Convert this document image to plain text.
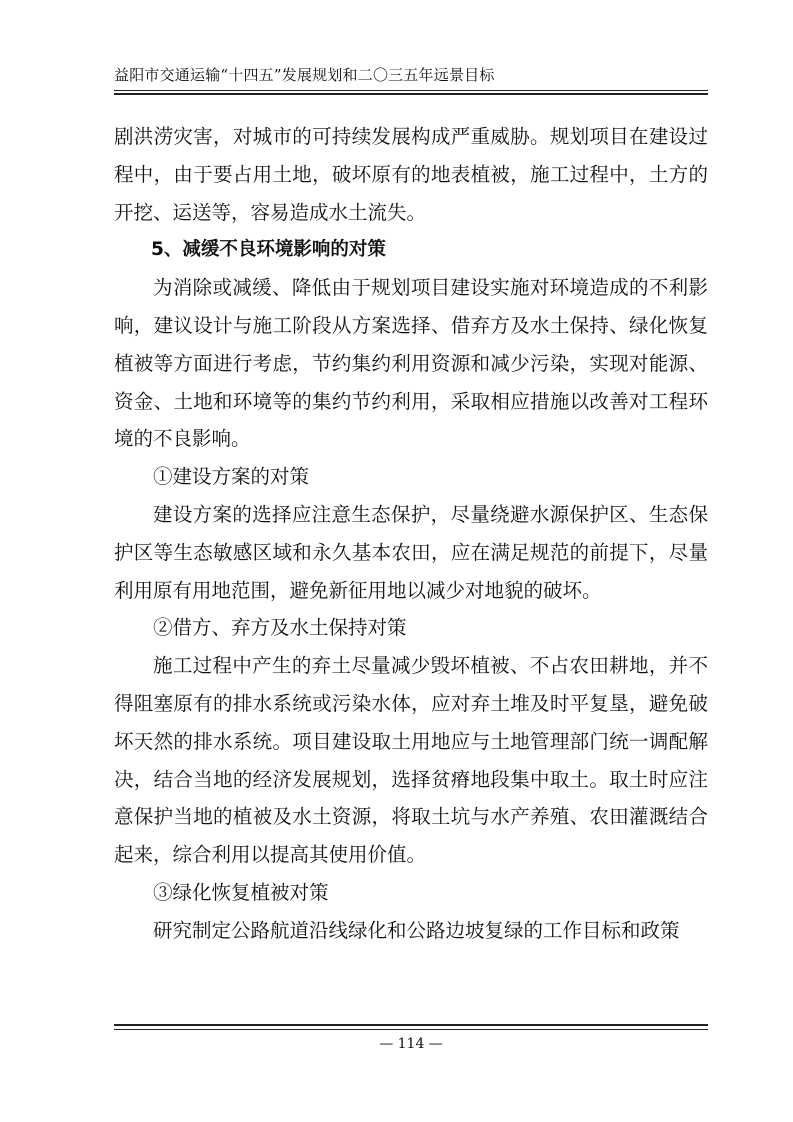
益阳市交通运输“十四五”发展规划和二〇三五年远景目标

剧洪涝灾害，对城市的可持续发展构成严重威胁。规划项目在建设过程中，由于要占用土地，破坏原有的地表植被，施工过程中，土方的开挖、运送等，容易造成水土流失。

5、减缓不良环境影响的对策

为消除或减缓、降低由于规划项目建设实施对环境造成的不利影响，建议设计与施工阶段从方案选择、借弃方及水土保持、绿化恢复植被等方面进行考虑，节约集约利用资源和减少污染，实现对能源、资金、土地和环境等的集约节约利用，采取相应措施以改善对工程环境的不良影响。

①建设方案的对策

建设方案的选择应注意生态保护，尽量绕避水源保护区、生态保护区等生态敏感区域和永久基本农田，应在满足规范的前提下，尽量利用原有用地范围，避免新征用地以减少对地貌的破坏。

②借方、弃方及水土保持对策

施工过程中产生的弃土尽量减少毁坏植被、不占农田耕地，并不得阻塞原有的排水系统或污染水体，应对弃土堆及时平复垦，避免破坏天然的排水系统。项目建设取土用地应与土地管理部门统一调配解决，结合当地的经济发展规划，选择贫瘠地段集中取土。取土时应注意保护当地的植被及水土资源，将取土坑与水产养殖、农田灌溉结合起来，综合利用以提高其使用价值。

③绿化恢复植被对策

研究制定公路航道沿线绿化和公路边坡复绿的工作目标和政策

— 114 —
